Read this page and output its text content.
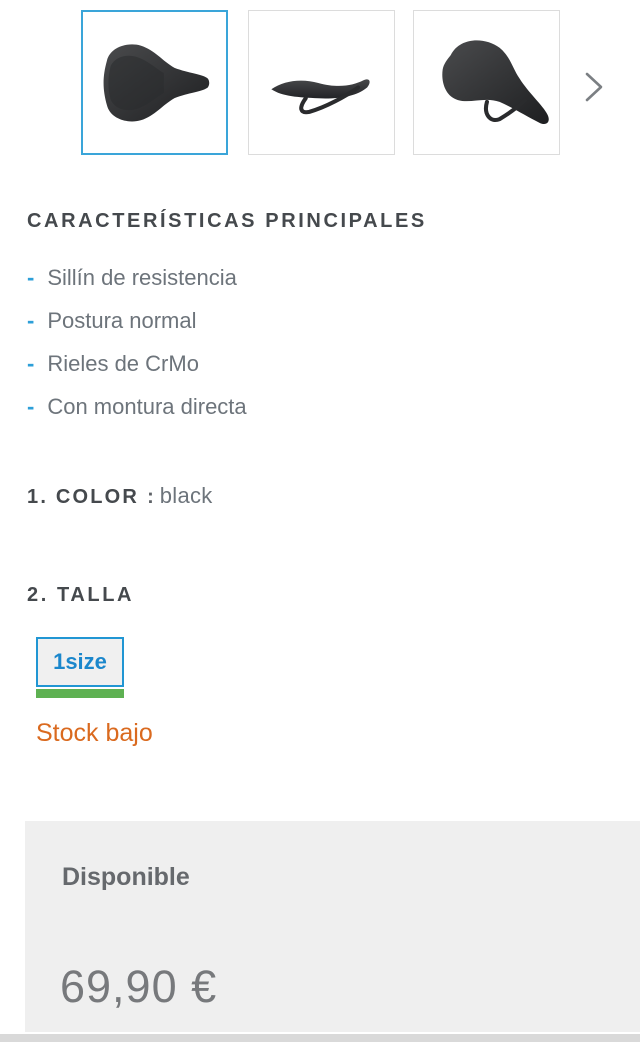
CARACTERÍSTICAS PRINCIPALES
- Sillín de resistencia
- Postura normal
- Rieles de CrMo
- Con montura directa
1. COLOR : black
2. TALLA
1size
Stock bajo
Disponible
69,90 €
